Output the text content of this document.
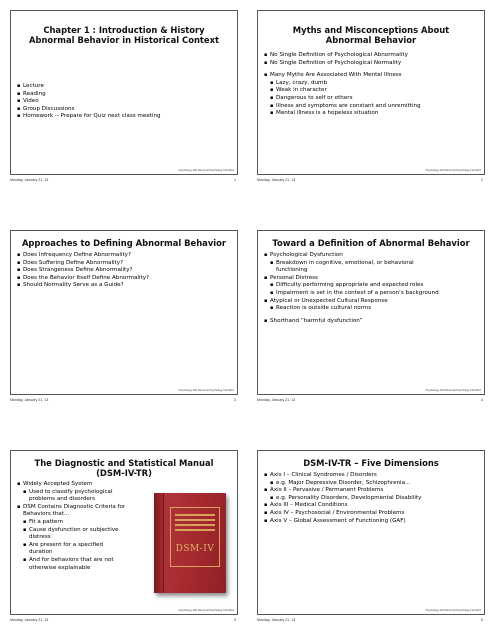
Chapter 1 : Introduction & History
Abnormal Behavior in Historical Context
▪ Lecture
▪ Reading
▪ Video
▪ Group Discussions
▪ Homework -- Prepare for Quiz next class meeting
Psychology 230 Abnormal Psychology Fall 2012
Monday, January 21, 13	1
Myths and Misconceptions About
Abnormal Behavior
▪ No Single Definition of Psychological Abnormality
▪ No Single Definition of Psychological Normality
▪ Many Myths Are Associated With Mental Illness
▪ Lazy, crazy, dumb
▪ Weak in character
▪ Dangerous to self or others
▪ Illness and symptoms are constant and unremitting
▪ Mental illness is a hopeless situation
Psychology 230 Abnormal Psychology Fall 2012
Monday, January 21, 13	2
Approaches to Defining Abnormal Behavior
▪ Does Infrequency Define Abnormality?
▪ Does Suffering Define Abnormality?
▪ Does Strangeness Define Abnormality?
▪ Does the Behavior Itself Define Abnormality?
▪ Should Normality Serve as a Guide?
Psychology 230 Abnormal Psychology Fall 2012
Monday, January 21, 13	3
Toward a Definition of Abnormal Behavior
▪ Psychological Dysfunction
▪ Breakdown in cognitive, emotional, or behavioral
functioning
▪ Personal Distress
▪ Difficulty performing appropriate and expected roles
▪ Impairment is set in the context of a person’s background
▪ Atypical or Unexpected Cultural Response
▪ Reaction is outside cultural norms
▪ Shorthand “harmful dysfunction”
Psychology 230 Abnormal Psychology Fall 2012
Monday, January 21, 13	4
The Diagnostic and Statistical Manual
(DSM-IV-TR)
▪ Widely Accepted System
▪ Used to classify psychological
problems and disorders
▪ DSM Contains Diagnostic Criteria for
Behaviors that…
▪ Fit a pattern
▪ Cause dysfunction or subjective
distress
▪ Are present for a specified
duration
▪ And for behaviors that are not
otherwise explainable
DSM-IV
Psychology 230 Abnormal Psychology Fall 2012
Monday, January 21, 13	5
DSM-IV-TR – Five Dimensions
▪ Axis I – Clinical Syndromes / Disorders
▪ e.g. Major Depressive Disorder, Schizophrenia...
▪ Axis II – Pervasive / Permanent Problems
▪ e.g. Personality Disorders, Developmental Disability
▪ Axis III – Medical Conditions
▪ Axis IV – Psychosocial / Environmental Problems
▪ Axis V – Global Assessment of Functioning (GAF)
Psychology 230 Abnormal Psychology Fall 2012
Monday, January 21, 13	6
